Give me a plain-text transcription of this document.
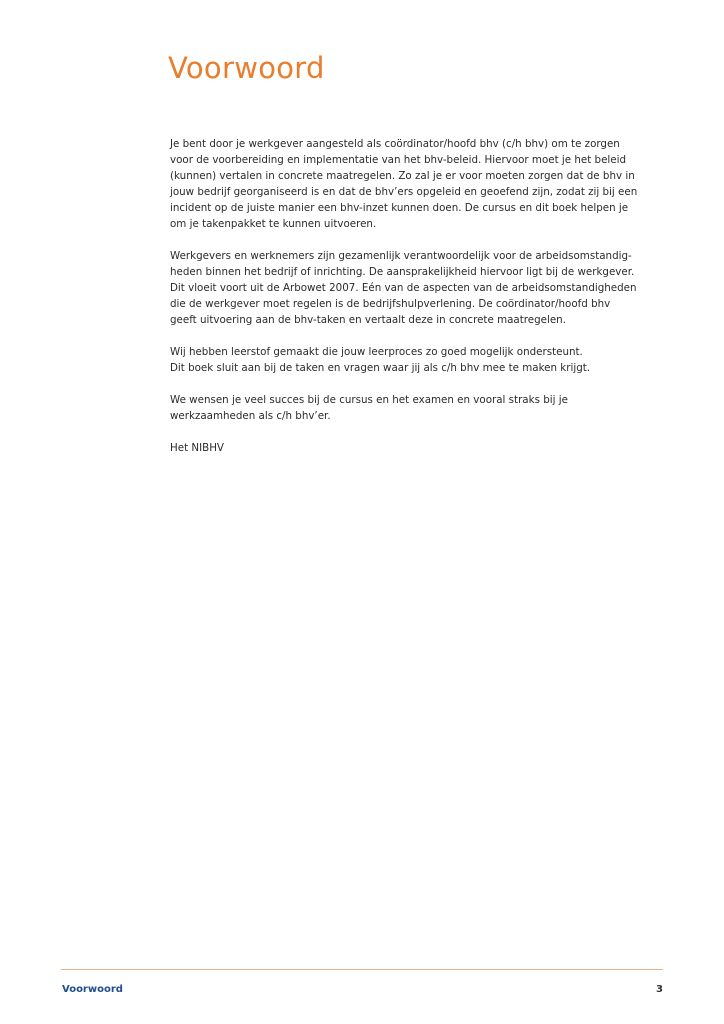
Voorwoord

Je bent door je werkgever aangesteld als coördinator/hoofd bhv (c/h bhv) om te zorgen
voor de voorbereiding en implementatie van het bhv-beleid. Hiervoor moet je het beleid
(kunnen) vertalen in concrete maatregelen. Zo zal je er voor moeten zorgen dat de bhv in
jouw bedrijf georganiseerd is en dat de bhv’ers opgeleid en geoefend zijn, zodat zij bij een
incident op de juiste manier een bhv-inzet kunnen doen. De cursus en dit boek helpen je
om je takenpakket te kunnen uitvoeren.

Werkgevers en werknemers zijn gezamenlijk verantwoordelijk voor de arbeidsomstandig-
heden binnen het bedrijf of inrichting. De aansprakelijkheid hiervoor ligt bij de werkgever.
Dit vloeit voort uit de Arbowet 2007. Eén van de aspecten van de arbeidsomstandigheden
die de werkgever moet regelen is de bedrijfshulpverlening. De coördinator/hoofd bhv
geeft uitvoering aan de bhv-taken en vertaalt deze in concrete maatregelen.

Wij hebben leerstof gemaakt die jouw leerproces zo goed mogelijk ondersteunt.
Dit boek sluit aan bij de taken en vragen waar jij als c/h bhv mee te maken krijgt.

We wensen je veel succes bij de cursus en het examen en vooral straks bij je
werkzaamheden als c/h bhv’er.

Het NIBHV

Voorwoord	3
